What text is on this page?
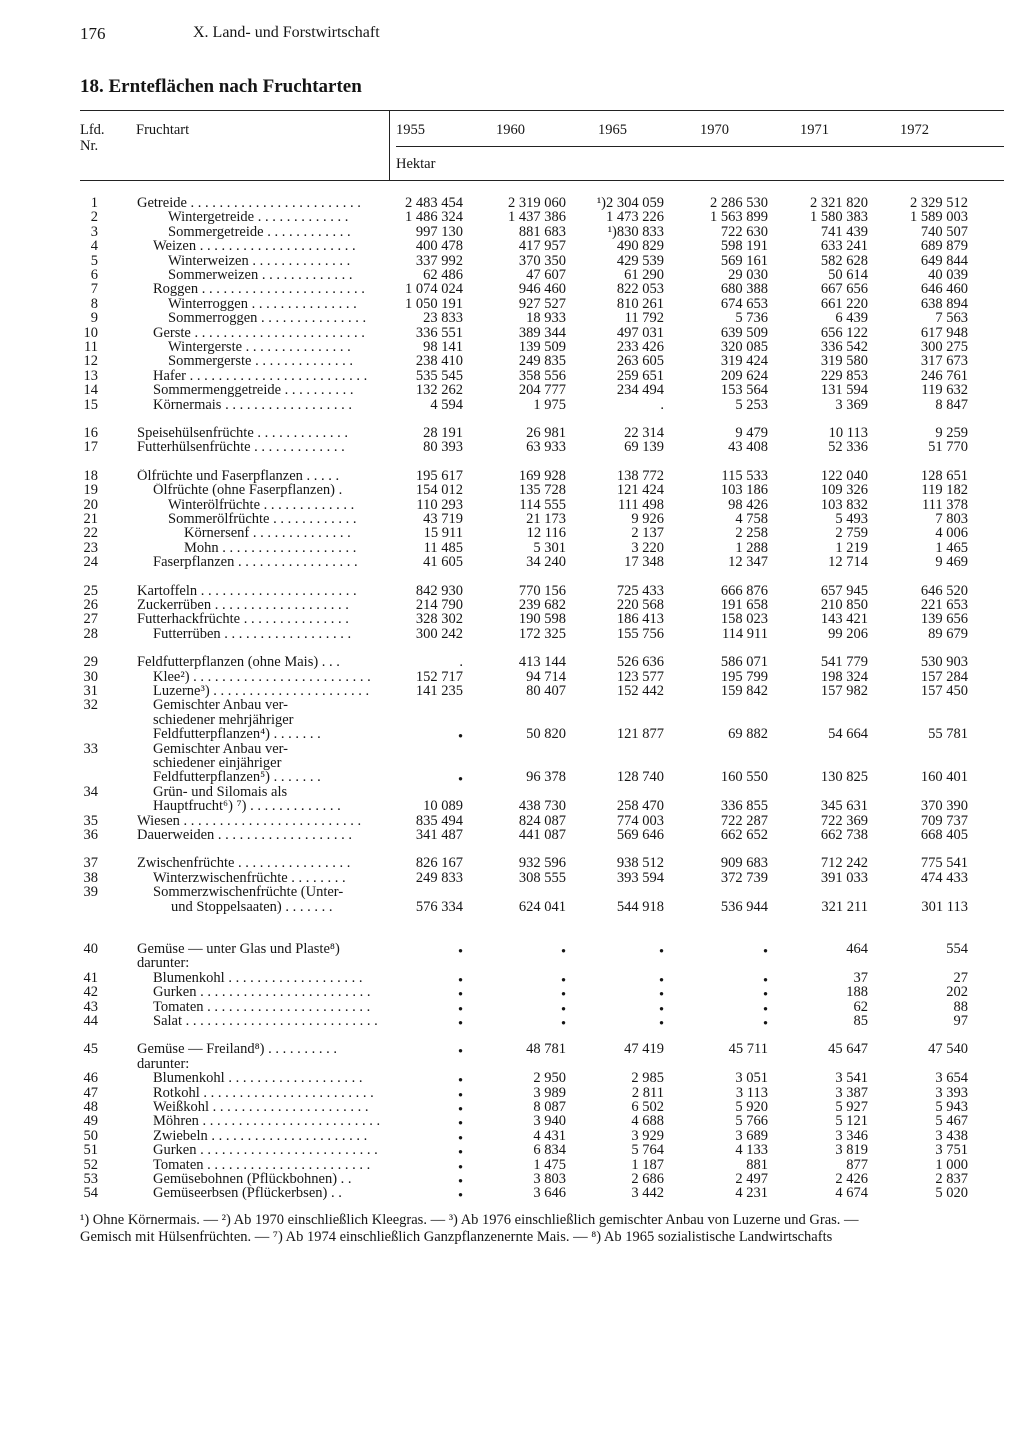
176	X. Land- und Forstwirtschaft
18. Ernteflächen nach Fruchtarten
Lfd.
Nr.
Fruchtart	1955	1960	1965	1970	1971	1972
Hektar
1	Getreide . . . . . . . . . . . . . . . . . . . . . . . .	2 483 454	2 319 060	¹)2 304 059	2 286 530	2 321 820	2 329 512
2	Wintergetreide . . . . . . . . . . . . .	1 486 324	1 437 386	1 473 226	1 563 899	1 580 383	1 589 003
3	Sommergetreide . . . . . . . . . . . .	997 130	881 683	¹)830 833	722 630	741 439	740 507
4	Weizen . . . . . . . . . . . . . . . . . . . . . .	400 478	417 957	490 829	598 191	633 241	689 879
5	Winterweizen . . . . . . . . . . . . . .	337 992	370 350	429 539	569 161	582 628	649 844
6	Sommerweizen . . . . . . . . . . . . .	62 486	47 607	61 290	29 030	50 614	40 039
7	Roggen . . . . . . . . . . . . . . . . . . . . . . .	1 074 024	946 460	822 053	680 388	667 656	646 460
8	Winterroggen . . . . . . . . . . . . . . .	1 050 191	927 527	810 261	674 653	661 220	638 894
9	Sommerroggen . . . . . . . . . . . . . . .	23 833	18 933	11 792	5 736	6 439	7 563
10	Gerste . . . . . . . . . . . . . . . . . . . . . . . .	336 551	389 344	497 031	639 509	656 122	617 948
11	Wintergerste . . . . . . . . . . . . . . .	98 141	139 509	233 426	320 085	336 542	300 275
12	Sommergerste . . . . . . . . . . . . . .	238 410	249 835	263 605	319 424	319 580	317 673
13	Hafer . . . . . . . . . . . . . . . . . . . . . . . . .	535 545	358 556	259 651	209 624	229 853	246 761
14	Sommermenggetreide . . . . . . . . . .	132 262	204 777	234 494	153 564	131 594	119 632
15	Körnermais . . . . . . . . . . . . . . . . . .	4 594	1 975	.	5 253	3 369	8 847
16	Speisehülsenfrüchte . . . . . . . . . . . . .	28 191	26 981	22 314	9 479	10 113	9 259
17	Futterhülsenfrüchte . . . . . . . . . . . . .	80 393	63 933	69 139	43 408	52 336	51 770
18	Ölfrüchte und Faserpflanzen . . . . .	195 617	169 928	138 772	115 533	122 040	128 651
19	Ölfrüchte (ohne Faserpflanzen) .	154 012	135 728	121 424	103 186	109 326	119 182
20	Winterölfrüchte . . . . . . . . . . . . .	110 293	114 555	111 498	98 426	103 832	111 378
21	Sommerölfrüchte . . . . . . . . . . . .	43 719	21 173	9 926	4 758	5 493	7 803
22	Körnersenf . . . . . . . . . . . . . .	15 911	12 116	2 137	2 258	2 759	4 006
23	Mohn . . . . . . . . . . . . . . . . . . .	11 485	5 301	3 220	1 288	1 219	1 465
24	Faserpflanzen . . . . . . . . . . . . . . . . .	41 605	34 240	17 348	12 347	12 714	9 469
25	Kartoffeln . . . . . . . . . . . . . . . . . . . . . .	842 930	770 156	725 433	666 876	657 945	646 520
26	Zuckerrüben . . . . . . . . . . . . . . . . . . .	214 790	239 682	220 568	191 658	210 850	221 653
27	Futterhackfrüchte . . . . . . . . . . . . . . .	328 302	190 598	186 413	158 023	143 421	139 656
28	Futterrüben . . . . . . . . . . . . . . . . . .	300 242	172 325	155 756	114 911	99 206	89 679
29	Feldfutterpflanzen (ohne Mais) . . .	.	413 144	526 636	586 071	541 779	530 903
30	Klee²) . . . . . . . . . . . . . . . . . . . . . . . . .	152 717	94 714	123 577	195 799	198 324	157 284
31	Luzerne³) . . . . . . . . . . . . . . . . . . . . . .	141 235	80 407	152 442	159 842	157 982	157 450
32	Gemischter Anbau ver-
schiedener mehrjähriger
Feldfutterpflanzen⁴) . . . . . . .	●	50 820	121 877	69 882	54 664	55 781
33	Gemischter Anbau ver-
schiedener einjähriger
Feldfutterpflanzen⁵) . . . . . . .	●	96 378	128 740	160 550	130 825	160 401
34	Grün- und Silomais als
Hauptfrucht⁶) ⁷) . . . . . . . . . . . . .	10 089	438 730	258 470	336 855	345 631	370 390
35	Wiesen . . . . . . . . . . . . . . . . . . . . . . . . .	835 494	824 087	774 003	722 287	722 369	709 737
36	Dauerweiden . . . . . . . . . . . . . . . . . . .	341 487	441 087	569 646	662 652	662 738	668 405
37	Zwischenfrüchte . . . . . . . . . . . . . . . .	826 167	932 596	938 512	909 683	712 242	775 541
38	Winterzwischenfrüchte . . . . . . . .	249 833	308 555	393 594	372 739	391 033	474 433
39	Sommerzwischenfrüchte (Unter-
und Stoppelsaaten) . . . . . . .	576 334	624 041	544 918	536 944	321 211	301 113
40	Gemüse — unter Glas und Plaste⁸)	●	●	●	●	464	554
darunter:
41	Blumenkohl . . . . . . . . . . . . . . . . . . .	●	●	●	●	37	27
42	Gurken . . . . . . . . . . . . . . . . . . . . . . . .	●	●	●	●	188	202
43	Tomaten . . . . . . . . . . . . . . . . . . . . . . .	●	●	●	●	62	88
44	Salat . . . . . . . . . . . . . . . . . . . . . . . . . . .	●	●	●	●	85	97
45	Gemüse — Freiland⁸) . . . . . . . . . .	●	48 781	47 419	45 711	45 647	47 540
darunter:
46	Blumenkohl . . . . . . . . . . . . . . . . . . .	●	2 950	2 985	3 051	3 541	3 654
47	Rotkohl . . . . . . . . . . . . . . . . . . . . . . . .	●	3 989	2 811	3 113	3 387	3 393
48	Weißkohl . . . . . . . . . . . . . . . . . . . . . .	●	8 087	6 502	5 920	5 927	5 943
49	Möhren . . . . . . . . . . . . . . . . . . . . . . . . .	●	3 940	4 688	5 766	5 121	5 467
50	Zwiebeln . . . . . . . . . . . . . . . . . . . . . .	●	4 431	3 929	3 689	3 346	3 438
51	Gurken . . . . . . . . . . . . . . . . . . . . . . . . .	●	6 834	5 764	4 133	3 819	3 751
52	Tomaten . . . . . . . . . . . . . . . . . . . . . . .	●	1 475	1 187	881	877	1 000
53	Gemüsebohnen (Pflückbohnen) . .	●	3 803	2 686	2 497	2 426	2 837
54	Gemüseerbsen (Pflückerbsen) . .	●	3 646	3 442	4 231	4 674	5 020
¹) Ohne Körnermais. — ²) Ab 1970 einschließlich Kleegras. — ³) Ab 1976 einschließlich gemischter Anbau von Luzerne und Gras. —
Gemisch mit Hülsenfrüchten. — ⁷) Ab 1974 einschließlich Ganzpflanzenernte Mais. — ⁸) Ab 1965 sozialistische Landwirtschafts
